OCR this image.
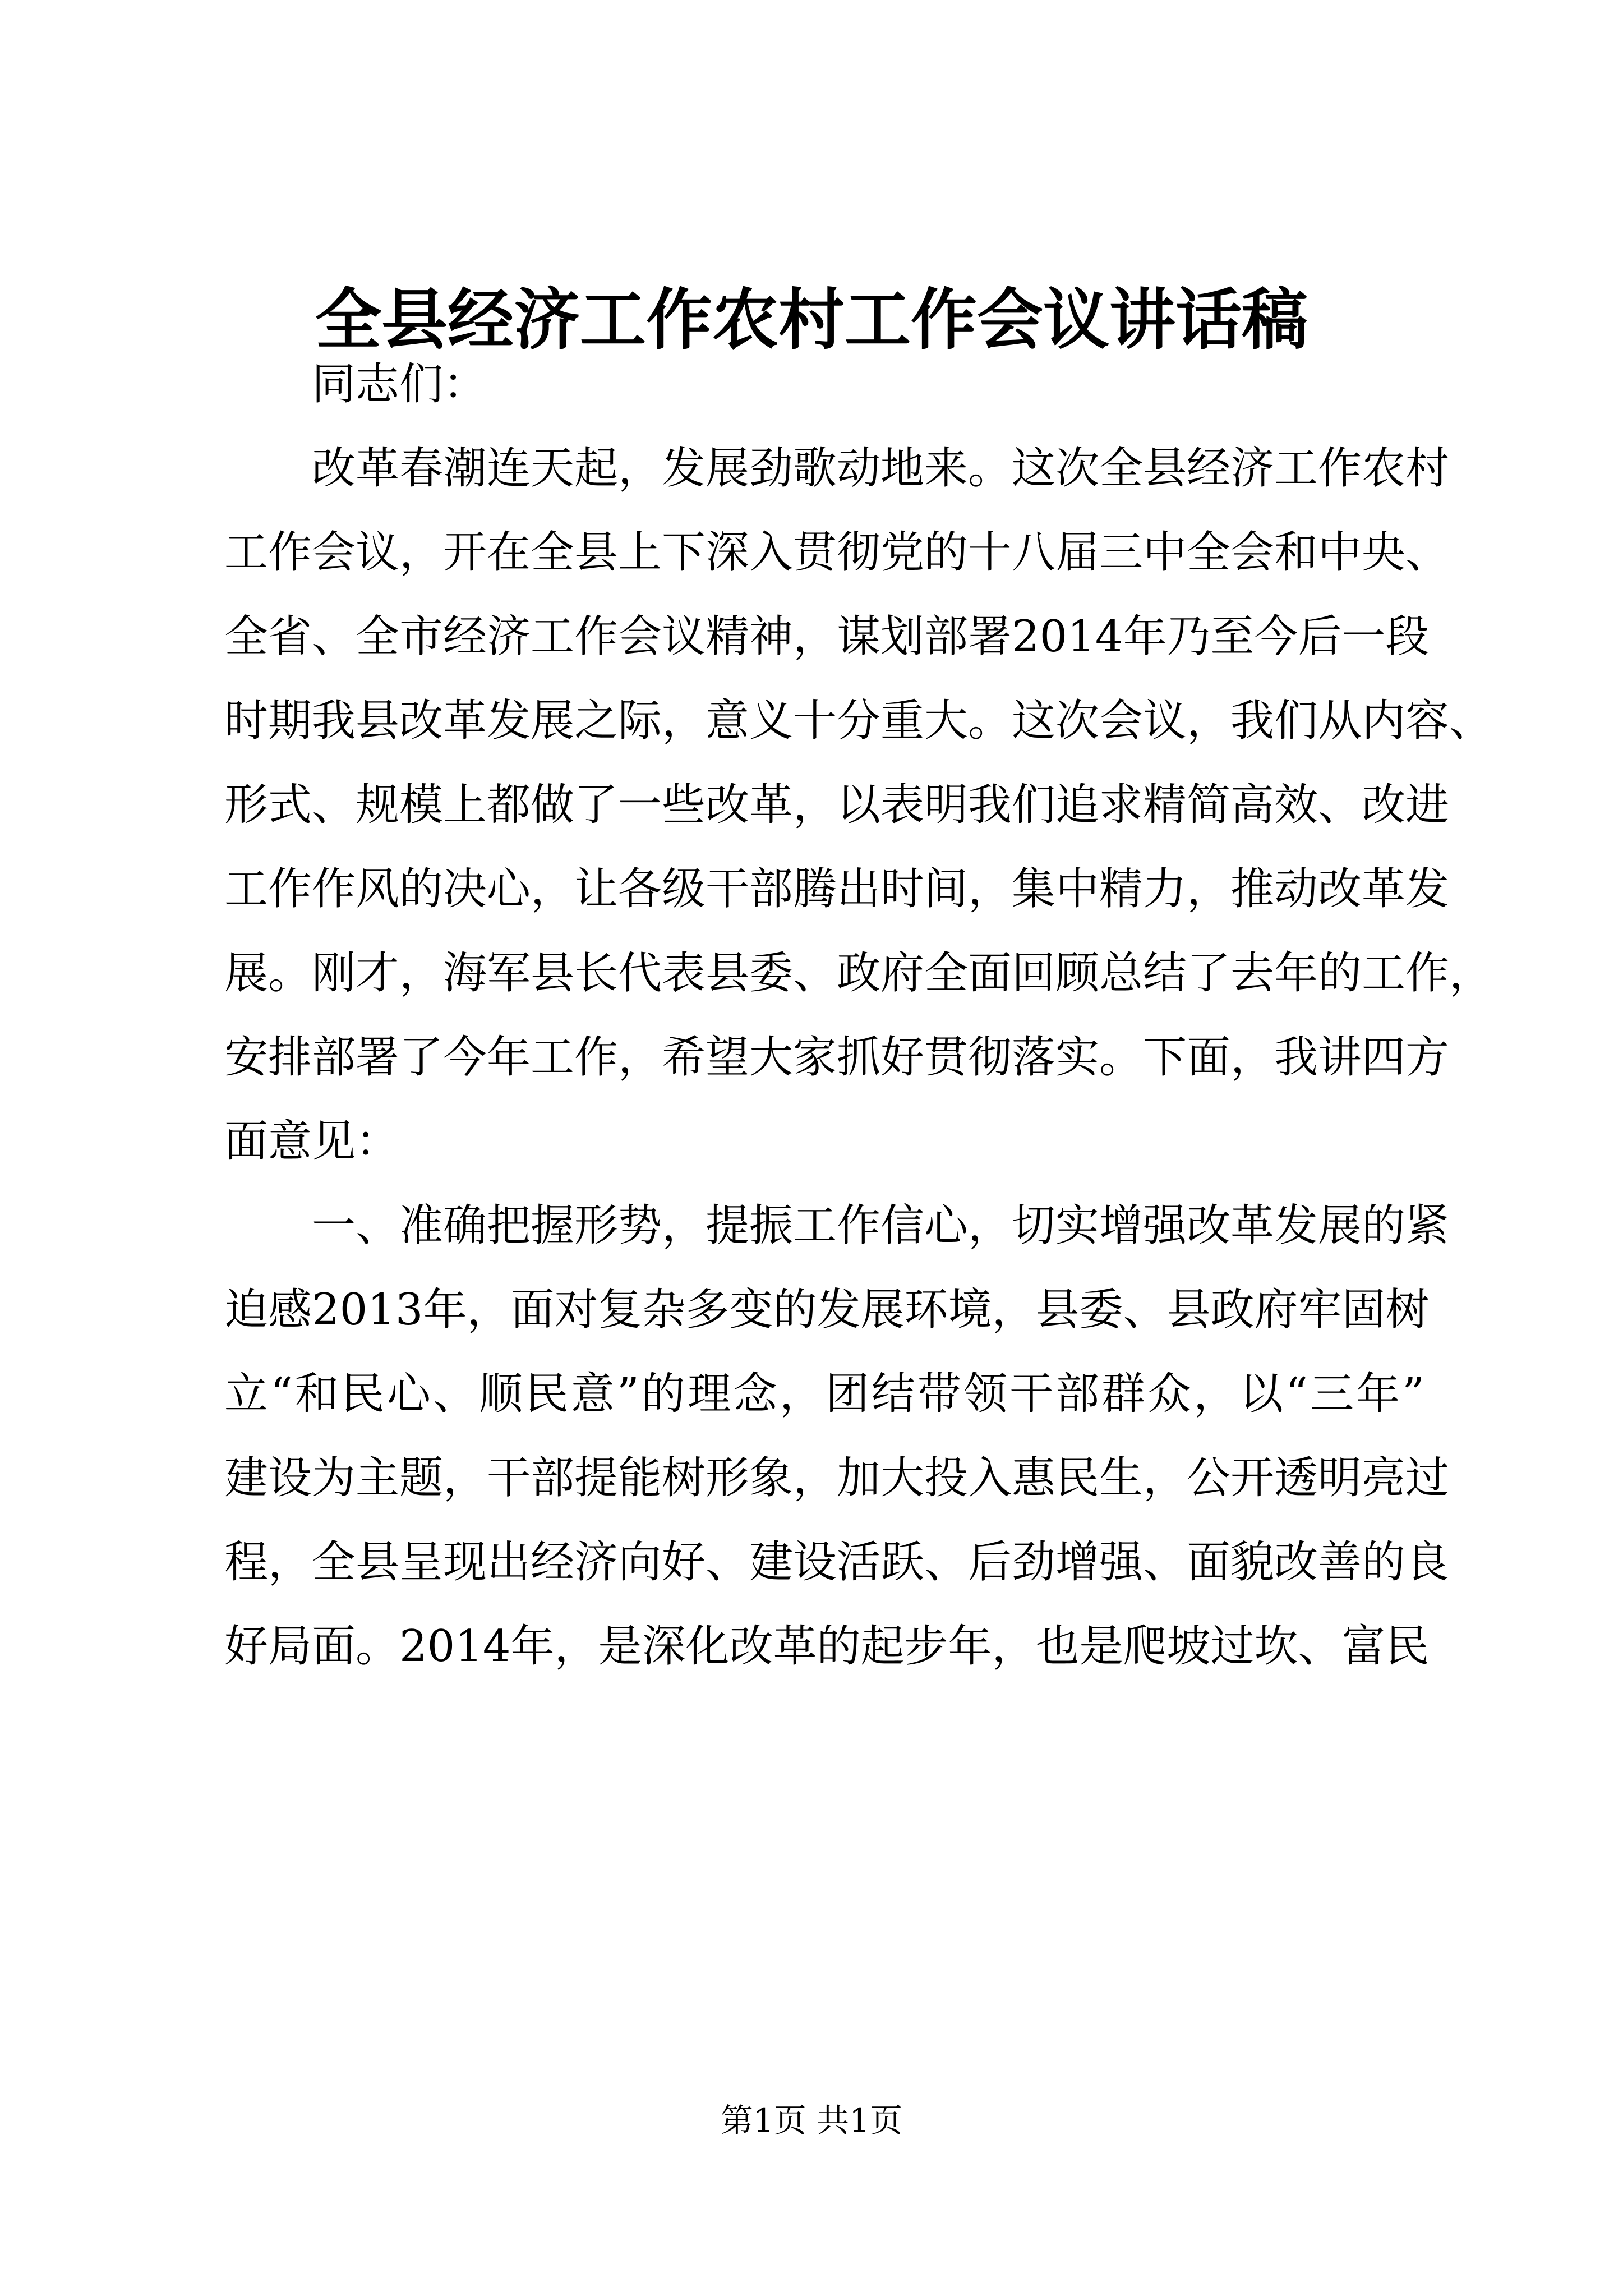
全县经济工作农村工作会议讲话稿
　　同志们：
　　改革春潮连天起，发展劲歌动地来。这次全县经济工作农村
工作会议，开在全县上下深入贯彻党的十八届三中全会和中央、
全省、全市经济工作会议精神，谋划部署2014年乃至今后一段
时期我县改革发展之际，意义十分重大。这次会议，我们从内容、
形式、规模上都做了一些改革，以表明我们追求精简高效、改进
工作作风的决心，让各级干部腾出时间，集中精力，推动改革发
展。刚才，海军县长代表县委、政府全面回顾总结了去年的工作，
安排部署了今年工作，希望大家抓好贯彻落实。下面，我讲四方
面意见：
　　一、准确把握形势，提振工作信心，切实增强改革发展的紧
迫感2013年，面对复杂多变的发展环境，县委、县政府牢固树
立“和民心、顺民意”的理念，团结带领干部群众，以“三年”
建设为主题，干部提能树形象，加大投入惠民生，公开透明亮过
程，全县呈现出经济向好、建设活跃、后劲增强、面貌改善的良
好局面。2014年，是深化改革的起步年，也是爬坡过坎、富民
第1页 共1页
